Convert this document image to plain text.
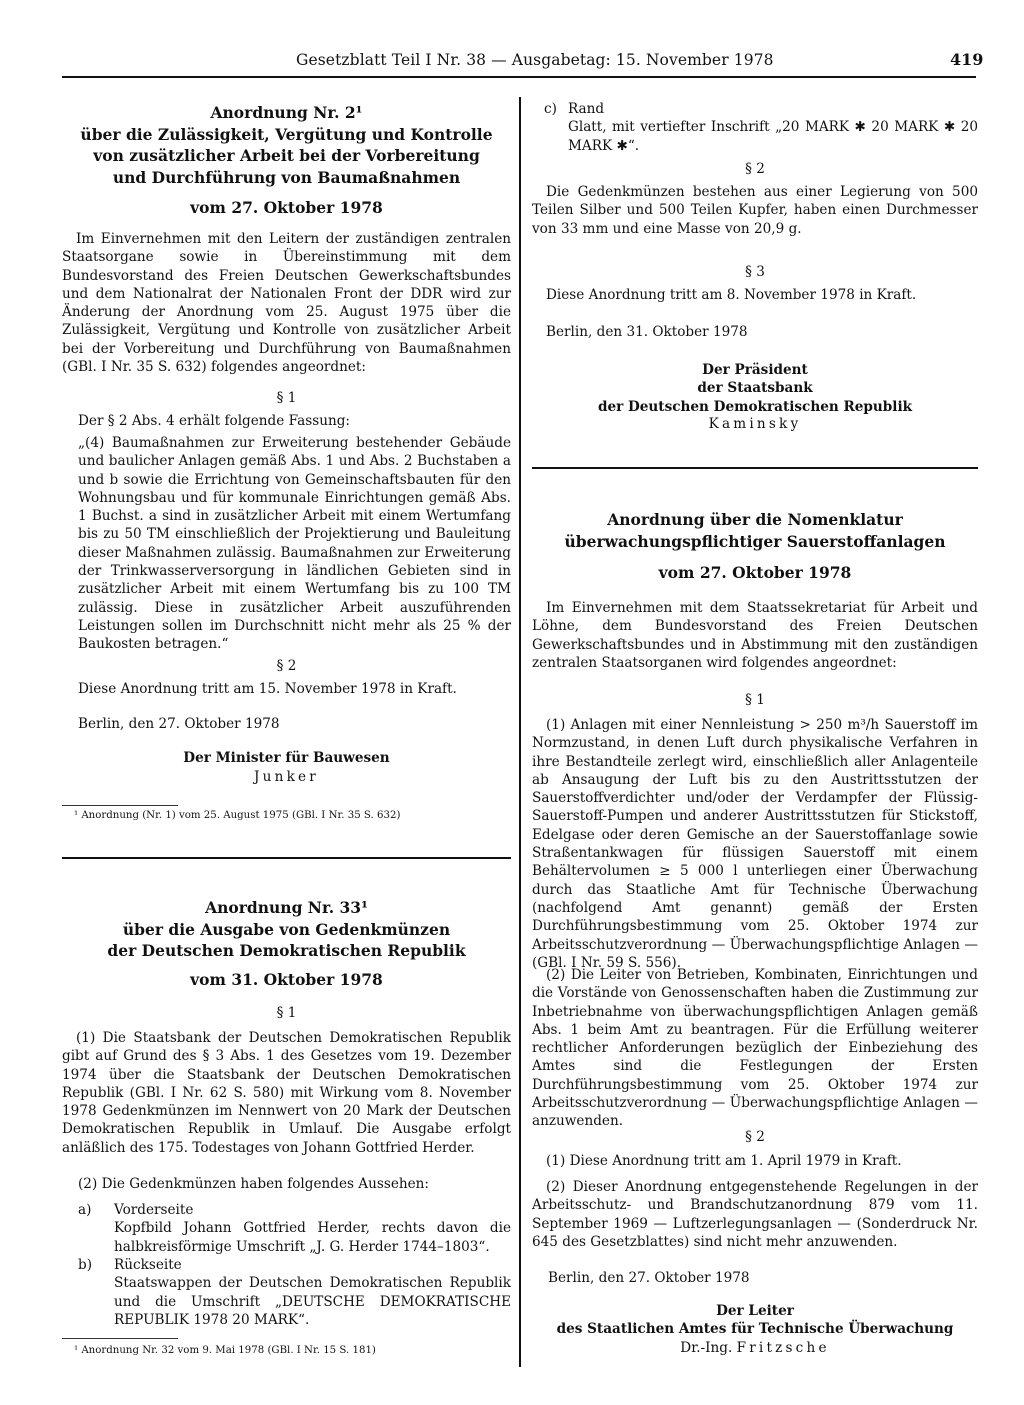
Gesetzblatt Teil I Nr. 38 — Ausgabetag: 15. November 1978	419
Anordnung Nr. 2¹
über die Zulässigkeit, Vergütung und Kontrolle
von zusätzlicher Arbeit bei der Vorbereitung
und Durchführung von Baumaßnahmen
vom 27. Oktober 1978
Im Einvernehmen mit den Leitern der zuständigen zentralen Staatsorgane sowie in Übereinstimmung mit dem Bundesvorstand des Freien Deutschen Gewerkschaftsbundes und dem Nationalrat der Nationalen Front der DDR wird zur Änderung der Anordnung vom 25. August 1975 über die Zulässigkeit, Vergütung und Kontrolle von zusätzlicher Arbeit bei der Vorbereitung und Durchführung von Baumaßnahmen (GBl. I Nr. 35 S. 632) folgendes angeordnet:
§ 1
Der § 2 Abs. 4 erhält folgende Fassung:
„(4) Baumaßnahmen zur Erweiterung bestehender Gebäude und baulicher Anlagen gemäß Abs. 1 und Abs. 2 Buchstaben a und b sowie die Errichtung von Gemeinschaftsbauten für den Wohnungsbau und für kommunale Einrichtungen gemäß Abs. 1 Buchst. a sind in zusätzlicher Arbeit mit einem Wertumfang bis zu 50 TM einschließlich der Projektierung und Bauleitung dieser Maßnahmen zulässig. Baumaßnahmen zur Erweiterung der Trinkwasserversorgung in ländlichen Gebieten sind in zusätzlicher Arbeit mit einem Wertumfang bis zu 100 TM zulässig. Diese in zusätzlicher Arbeit auszuführenden Leistungen sollen im Durchschnitt nicht mehr als 25 % der Baukosten betragen.“
§ 2
Diese Anordnung tritt am 15. November 1978 in Kraft.
Berlin, den 27. Oktober 1978
Der Minister für Bauwesen
Junker
¹ Anordnung (Nr. 1) vom 25. August 1975 (GBl. I Nr. 35 S. 632)
Anordnung Nr. 33¹
über die Ausgabe von Gedenkmünzen
der Deutschen Demokratischen Republik
vom 31. Oktober 1978
§ 1
(1) Die Staatsbank der Deutschen Demokratischen Republik gibt auf Grund des § 3 Abs. 1 des Gesetzes vom 19. Dezember 1974 über die Staatsbank der Deutschen Demokratischen Republik (GBl. I Nr. 62 S. 580) mit Wirkung vom 8. November 1978 Gedenkmünzen im Nennwert von 20 Mark der Deutschen Demokratischen Republik in Umlauf. Die Ausgabe erfolgt anläßlich des 175. Todestages von Johann Gottfried Herder.
(2) Die Gedenkmünzen haben folgendes Aussehen:
a) Vorderseite
Kopfbild Johann Gottfried Herder, rechts davon die halbkreisförmige Umschrift „J. G. Herder 1744–1803“.
b) Rückseite
Staatswappen der Deutschen Demokratischen Republik und die Umschrift „DEUTSCHE DEMOKRATISCHE REPUBLIK 1978 20 MARK“.
¹ Anordnung Nr. 32 vom 9. Mai 1978 (GBl. I Nr. 15 S. 181)
c) Rand
Glatt, mit vertiefter Inschrift „20 MARK ✱ 20 MARK ✱ 20 MARK ✱“.
§ 2
Die Gedenkmünzen bestehen aus einer Legierung von 500 Teilen Silber und 500 Teilen Kupfer, haben einen Durchmesser von 33 mm und eine Masse von 20,9 g.
§ 3
Diese Anordnung tritt am 8. November 1978 in Kraft.
Berlin, den 31. Oktober 1978
Der Präsident
der Staatsbank
der Deutschen Demokratischen Republik
Kaminsky
Anordnung über die Nomenklatur
überwachungspflichtiger Sauerstoffanlagen
vom 27. Oktober 1978
Im Einvernehmen mit dem Staatssekretariat für Arbeit und Löhne, dem Bundesvorstand des Freien Deutschen Gewerkschaftsbundes und in Abstimmung mit den zuständigen zentralen Staatsorganen wird folgendes angeordnet:
§ 1
(1) Anlagen mit einer Nennleistung > 250 m³/h Sauerstoff im Normzustand, in denen Luft durch physikalische Verfahren in ihre Bestandteile zerlegt wird, einschließlich aller Anlagenteile ab Ansaugung der Luft bis zu den Austrittsstutzen der Sauerstoffverdichter und/oder der Verdampfer der Flüssig-Sauerstoff-Pumpen und anderer Austrittsstutzen für Stickstoff, Edelgase oder deren Gemische an der Sauerstoffanlage sowie Straßentankwagen für flüssigen Sauerstoff mit einem Behältervolumen ≥ 5 000 l unterliegen einer Überwachung durch das Staatliche Amt für Technische Überwachung (nachfolgend Amt genannt) gemäß der Ersten Durchführungsbestimmung vom 25. Oktober 1974 zur Arbeitsschutzverordnung — Überwachungspflichtige Anlagen — (GBl. I Nr. 59 S. 556).
(2) Die Leiter von Betrieben, Kombinaten, Einrichtungen und die Vorstände von Genossenschaften haben die Zustimmung zur Inbetriebnahme von überwachungspflichtigen Anlagen gemäß Abs. 1 beim Amt zu beantragen. Für die Erfüllung weiterer rechtlicher Anforderungen bezüglich der Einbeziehung des Amtes sind die Festlegungen der Ersten Durchführungsbestimmung vom 25. Oktober 1974 zur Arbeitsschutzverordnung — Überwachungspflichtige Anlagen — anzuwenden.
§ 2
(1) Diese Anordnung tritt am 1. April 1979 in Kraft.
(2) Dieser Anordnung entgegenstehende Regelungen in der Arbeitsschutz- und Brandschutzanordnung 879 vom 11. September 1969 — Luftzerlegungsanlagen — (Sonderdruck Nr. 645 des Gesetzblattes) sind nicht mehr anzuwenden.
Berlin, den 27. Oktober 1978
Der Leiter
des Staatlichen Amtes für Technische Überwachung
Dr.-Ing. Fritzsche
